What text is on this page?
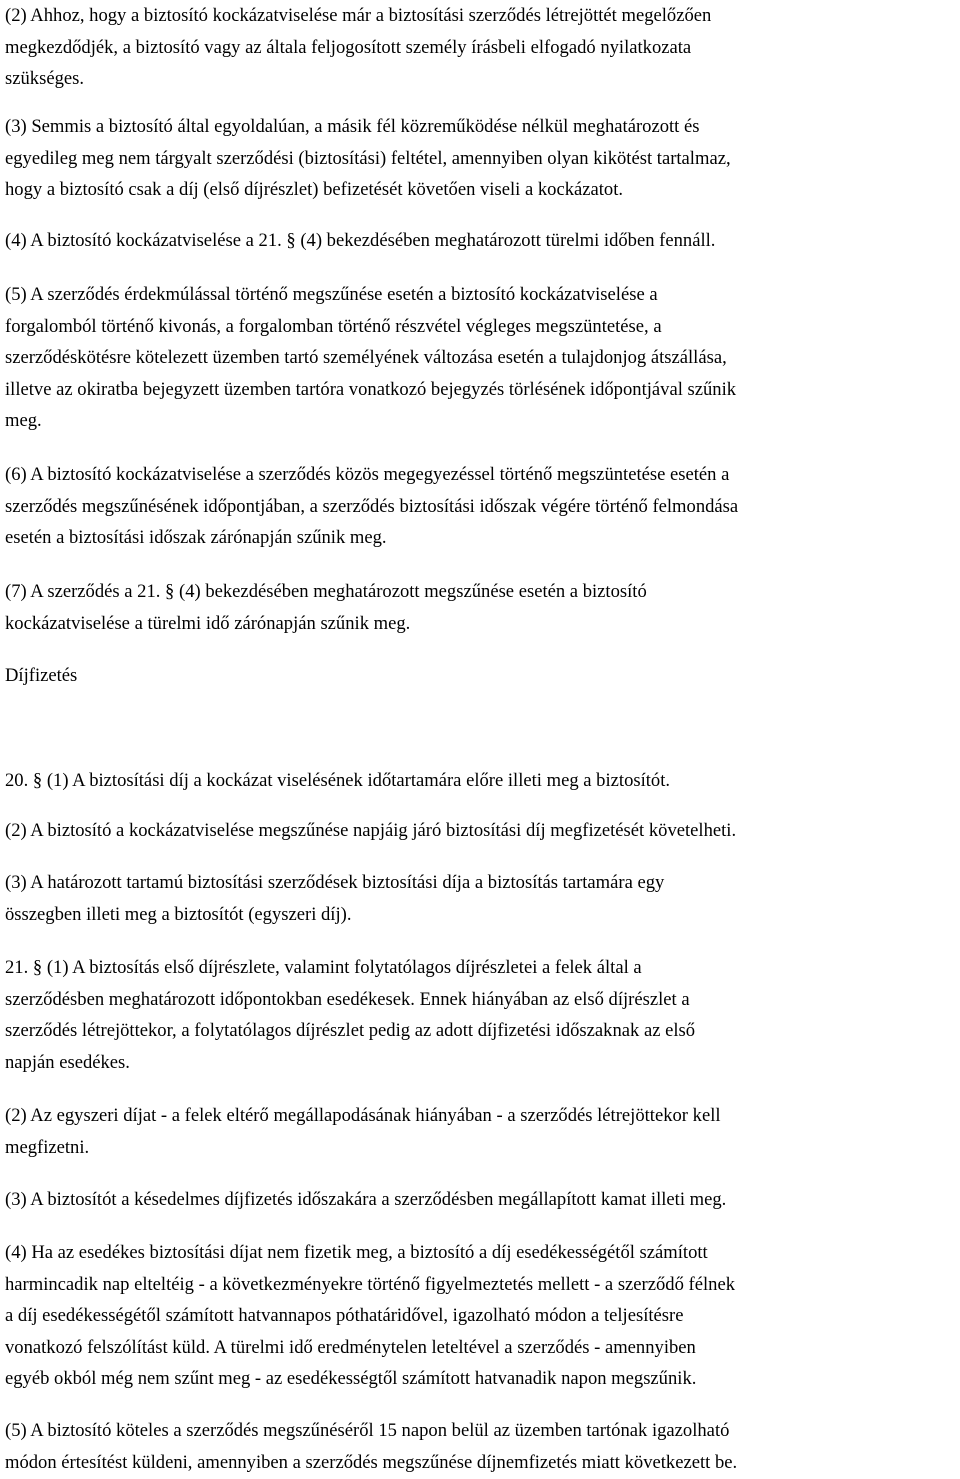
(2) Ahhoz, hogy a biztosító kockázatviselése már a biztosítási szerződés létrejöttét megelőzően
megkezdődjék, a biztosító vagy az általa feljogosított személy írásbeli elfogadó nyilatkozata
szükséges.

(3) Semmis a biztosító által egyoldalúan, a másik fél közreműködése nélkül meghatározott és
egyedileg meg nem tárgyalt szerződési (biztosítási) feltétel, amennyiben olyan kikötést tartalmaz,
hogy a biztosító csak a díj (első díjrészlet) befizetését követően viseli a kockázatot.

(4) A biztosító kockázatviselése a 21. § (4) bekezdésében meghatározott türelmi időben fennáll.

(5) A szerződés érdekmúlással történő megszűnése esetén a biztosító kockázatviselése a
forgalomból történő kivonás, a forgalomban történő részvétel végleges megszüntetése, a
szerződéskötésre kötelezett üzemben tartó személyének változása esetén a tulajdonjog átszállása,
illetve az okiratba bejegyzett üzemben tartóra vonatkozó bejegyzés törlésének időpontjával szűnik
meg.

(6) A biztosító kockázatviselése a szerződés közös megegyezéssel történő megszüntetése esetén a
szerződés megszűnésének időpontjában, a szerződés biztosítási időszak végére történő felmondása
esetén a biztosítási időszak zárónapján szűnik meg.

(7) A szerződés a 21. § (4) bekezdésében meghatározott megszűnése esetén a biztosító
kockázatviselése a türelmi idő zárónapján szűnik meg.

Díjfizetés

20. § (1) A biztosítási díj a kockázat viselésének időtartamára előre illeti meg a biztosítót.

(2) A biztosító a kockázatviselése megszűnése napjáig járó biztosítási díj megfizetését követelheti.

(3) A határozott tartamú biztosítási szerződések biztosítási díja a biztosítás tartamára egy
összegben illeti meg a biztosítót (egyszeri díj).

21. § (1) A biztosítás első díjrészlete, valamint folytatólagos díjrészletei a felek által a
szerződésben meghatározott időpontokban esedékesek. Ennek hiányában az első díjrészlet a
szerződés létrejöttekor, a folytatólagos díjrészlet pedig az adott díjfizetési időszaknak az első
napján esedékes.

(2) Az egyszeri díjat - a felek eltérő megállapodásának hiányában - a szerződés létrejöttekor kell
megfizetni.

(3) A biztosítót a késedelmes díjfizetés időszakára a szerződésben megállapított kamat illeti meg.

(4) Ha az esedékes biztosítási díjat nem fizetik meg, a biztosító a díj esedékességétől számított
harmincadik nap elteltéig - a következményekre történő figyelmeztetés mellett - a szerződő félnek
a díj esedékességétől számított hatvannapos póthatáridővel, igazolható módon a teljesítésre
vonatkozó felszólítást küld. A türelmi idő eredménytelen leteltével a szerződés - amennyiben
egyéb okból még nem szűnt meg - az esedékességtől számított hatvanadik napon megszűnik.

(5) A biztosító köteles a szerződés megszűnéséről 15 napon belül az üzemben tartónak igazolható
módon értesítést küldeni, amennyiben a szerződés megszűnése díjnemfizetés miatt következett be.
